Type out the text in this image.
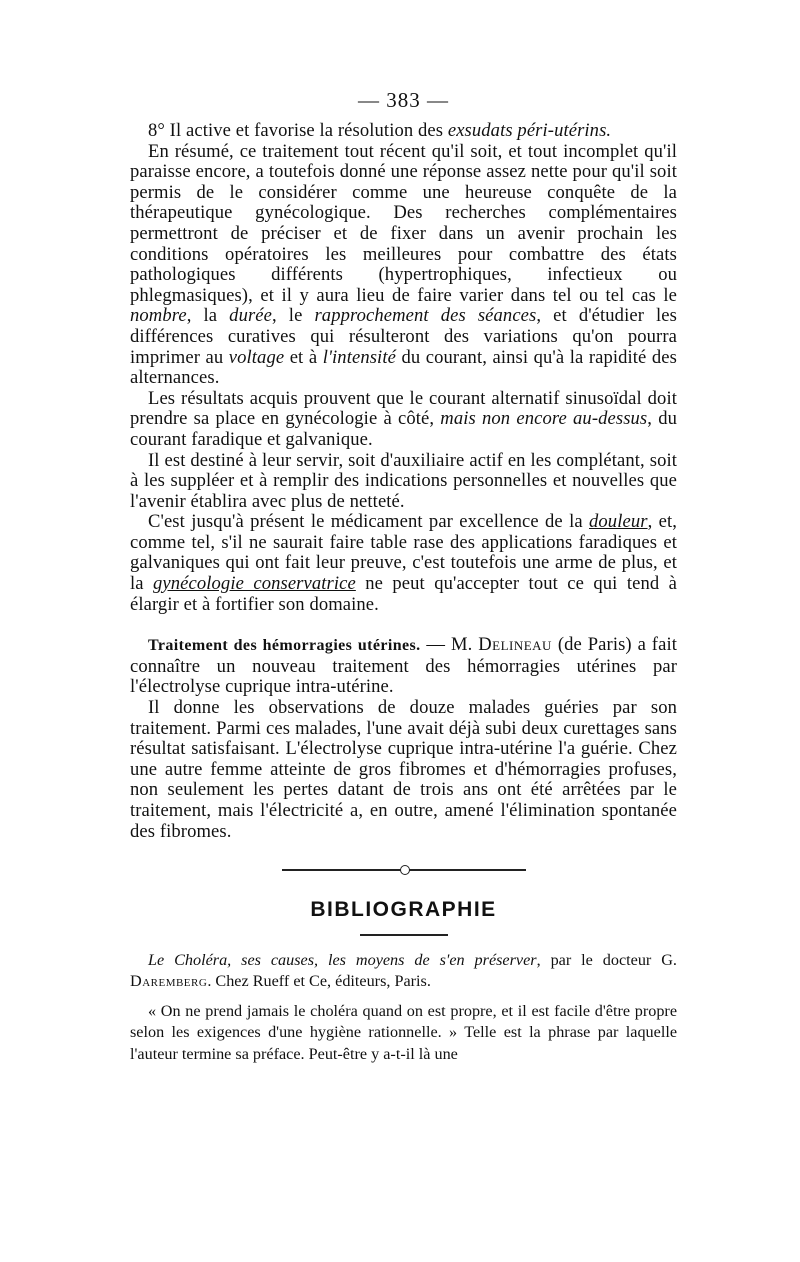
— 383 —

8° Il active et favorise la résolution des exsudats péri-utérins.

En résumé, ce traitement tout récent qu'il soit, et tout incomplet qu'il paraisse encore, a toutefois donné une réponse assez nette pour qu'il soit permis de le considérer comme une heureuse conquête de la thérapeutique gynécologique. Des recherches complémentaires permettront de préciser et de fixer dans un avenir prochain les conditions opératoires les meilleures pour combattre des états pathologiques différents (hypertrophiques, infectieux ou phlegmasiques), et il y aura lieu de faire varier dans tel ou tel cas le nombre, la durée, le rapprochement des séances, et d'étudier les différences curatives qui résulteront des variations qu'on pourra imprimer au voltage et à l'intensité du courant, ainsi qu'à la rapidité des alternances.

Les résultats acquis prouvent que le courant alternatif sinusoïdal doit prendre sa place en gynécologie à côté, mais non encore au-dessus, du courant faradique et galvanique.

Il est destiné à leur servir, soit d'auxiliaire actif en les complétant, soit à les suppléer et à remplir des indications personnelles et nouvelles que l'avenir établira avec plus de netteté.

C'est jusqu'à présent le médicament par excellence de la douleur, et, comme tel, s'il ne saurait faire table rase des applications faradiques et galvaniques qui ont fait leur preuve, c'est toutefois une arme de plus, et la gynécologie conservatrice ne peut qu'accepter tout ce qui tend à élargir et à fortifier son domaine.

Traitement des hémorragies utérines. — M. Delineau (de Paris) a fait connaître un nouveau traitement des hémorragies utérines par l'électrolyse cuprique intra-utérine.

Il donne les observations de douze malades guéries par son traitement. Parmi ces malades, l'une avait déjà subi deux curettages sans résultat satisfaisant. L'électrolyse cuprique intra-utérine l'a guérie. Chez une autre femme atteinte de gros fibromes et d'hémorragies profuses, non seulement les pertes datant de trois ans ont été arrêtées par le traitement, mais l'électricité a, en outre, amené l'élimination spontanée des fibromes.

BIBLIOGRAPHIE

Le Choléra, ses causes, les moyens de s'en préserver, par le docteur G. Daremberg. Chez Rueff et Ce, éditeurs, Paris.

« On ne prend jamais le choléra quand on est propre, et il est facile d'être propre selon les exigences d'une hygiène rationnelle. » Telle est la phrase par laquelle l'auteur termine sa préface. Peut-être y a-t-il là une
